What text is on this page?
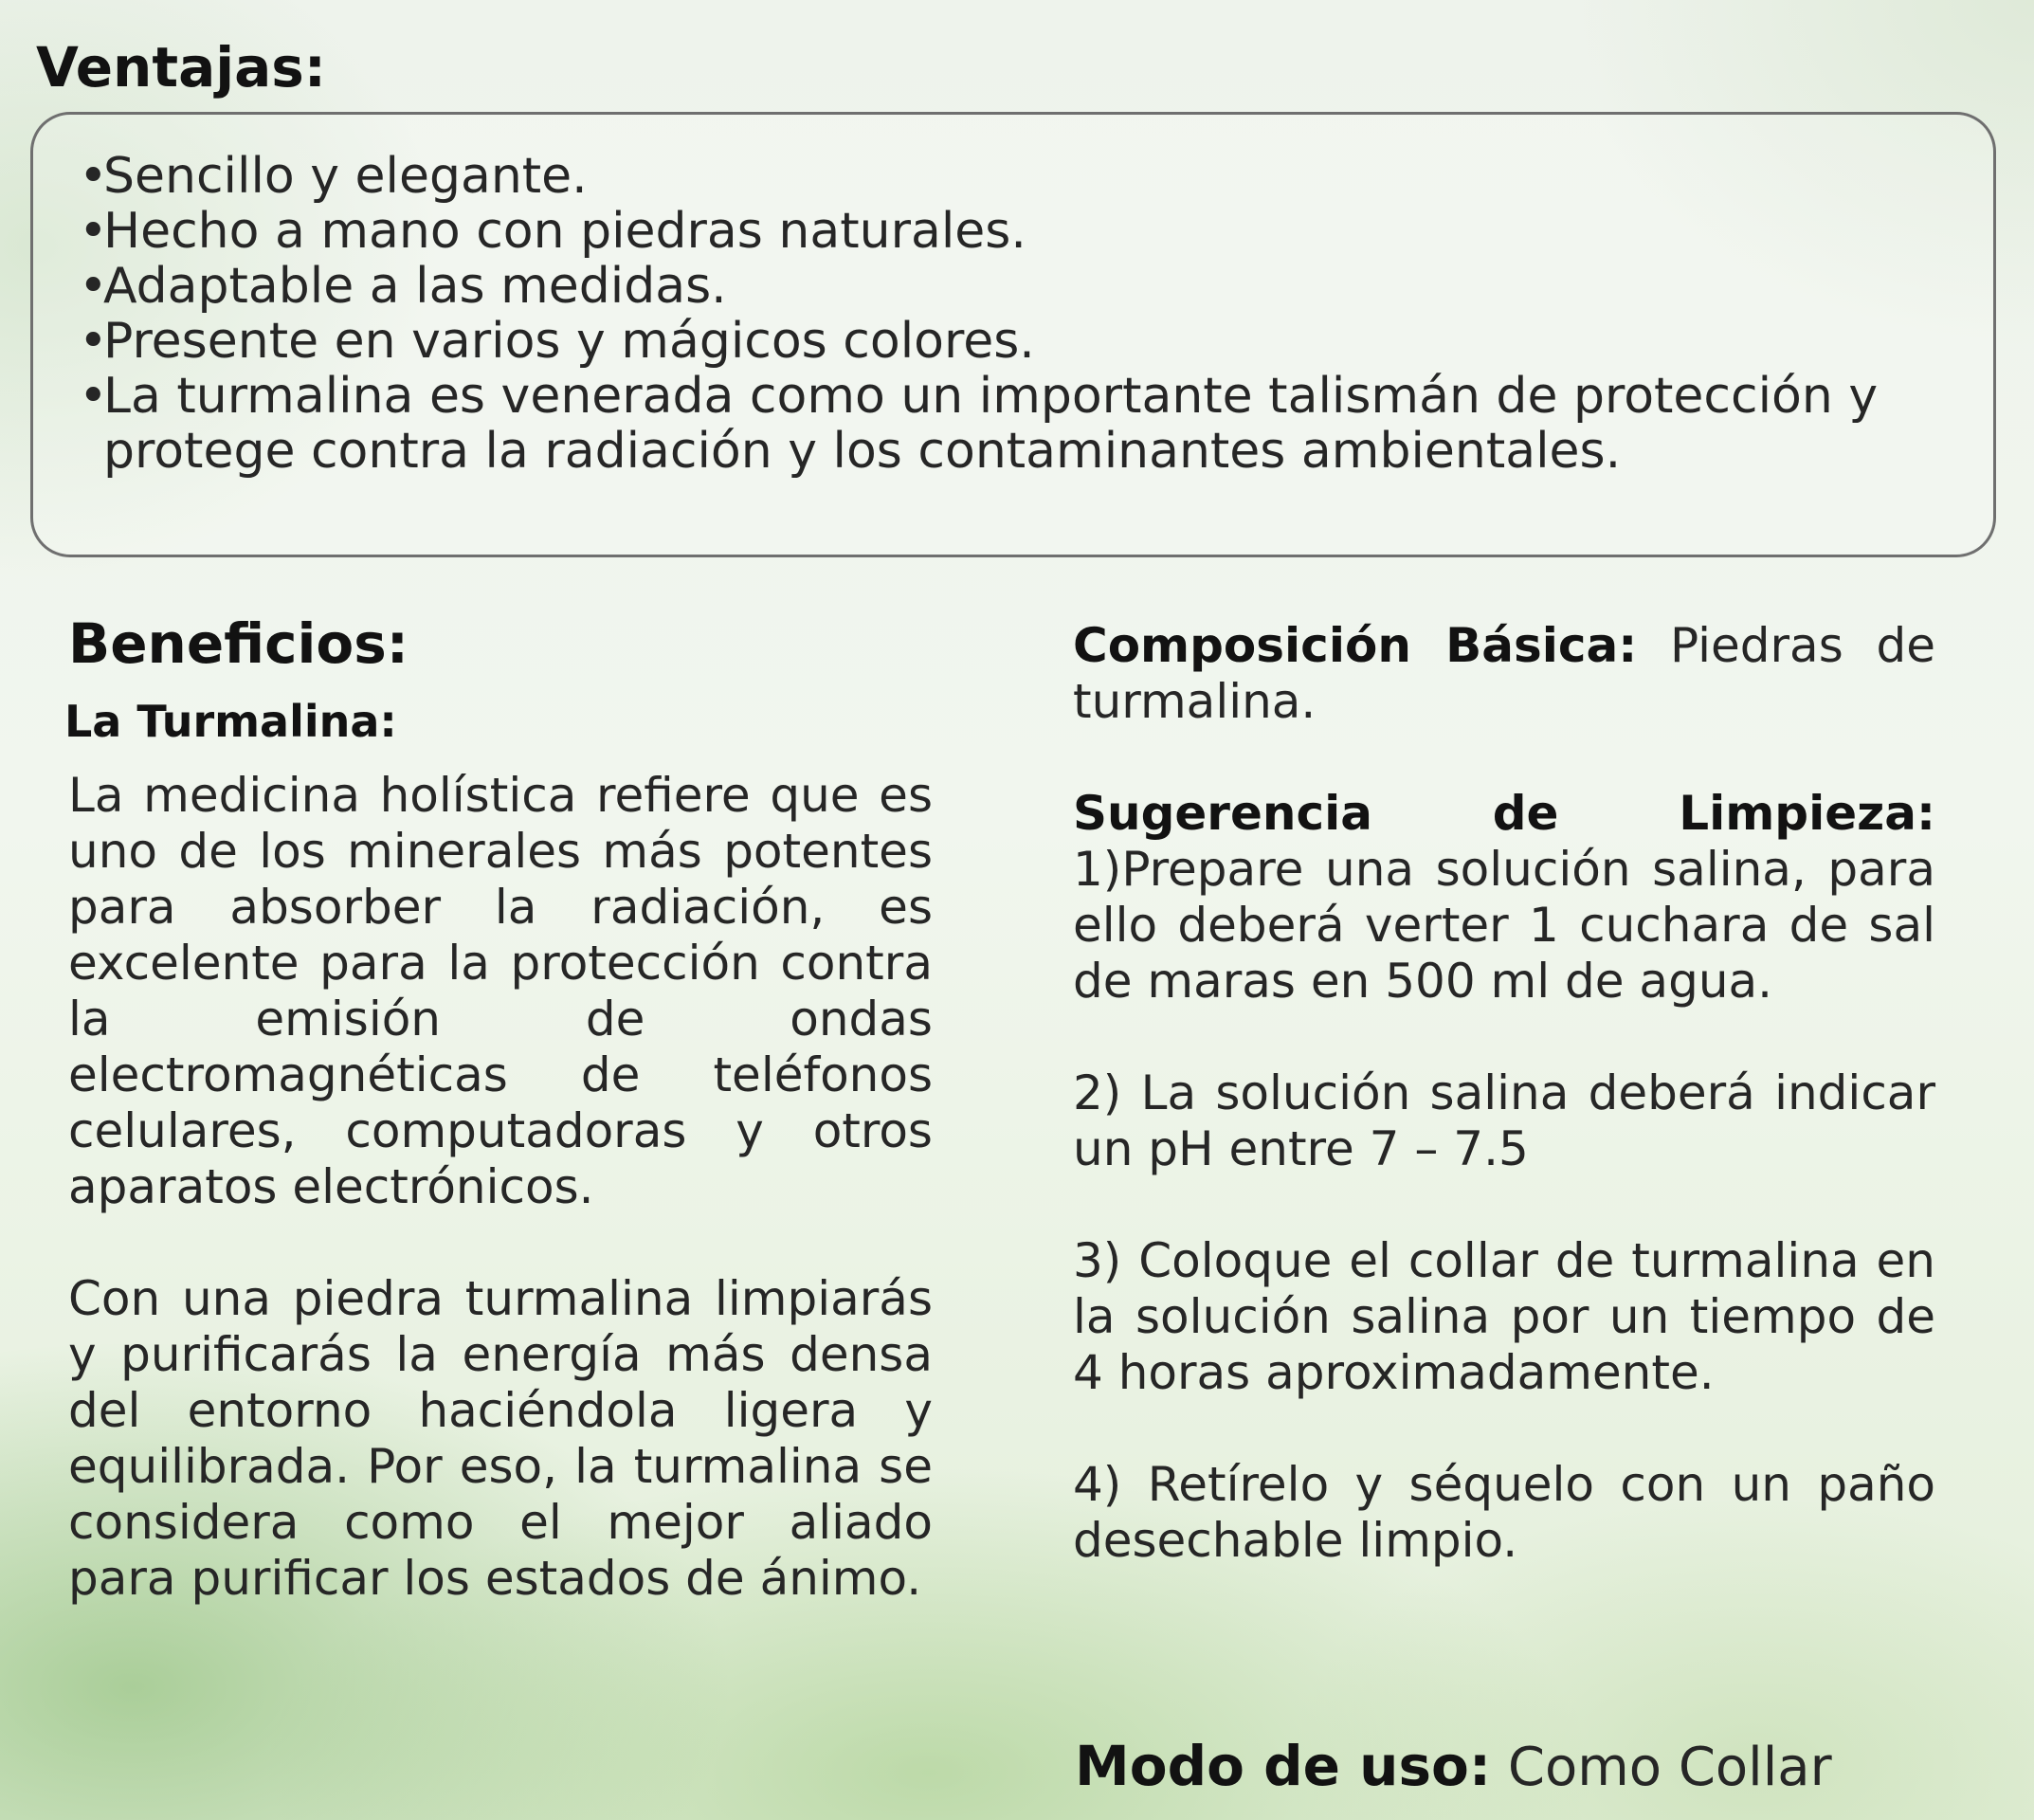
Ventajas:
•
Sencillo y elegante.
•
Hecho a mano con piedras naturales.
•
Adaptable a las medidas.
•
Presente en varios y mágicos colores.
•
La turmalina es venerada como un importante talismán de protección y protege contra la radiación y los contaminantes ambientales.
Beneficios:
La Turmalina:

La medicina holística refiere que es uno de los minerales más potentes para absorber la radiación, es excelente para la protección contra la emisión de ondas electromagnéticas de teléfonos celulares, computadoras y otros aparatos electrónicos.

Con una piedra turmalina limpiarás y purificarás la energía más densa del entorno haciéndola ligera y equilibrada. Por eso, la turmalina se considera como el mejor aliado para purificar los estados de ánimo.

Composición Básica: Piedras de turmalina.

Sugerencia de Limpieza:

1)Prepare una solución salina, para ello deberá verter 1 cuchara de sal de maras en 500 ml de agua.

2) La solución salina deberá indicar un pH entre 7 – 7.5

3) Coloque el collar de turmalina en la solución salina por un tiempo de 4 horas aproximadamente.

4) Retírelo y séquelo con un paño desechable limpio.

Modo de uso: Como Collar
